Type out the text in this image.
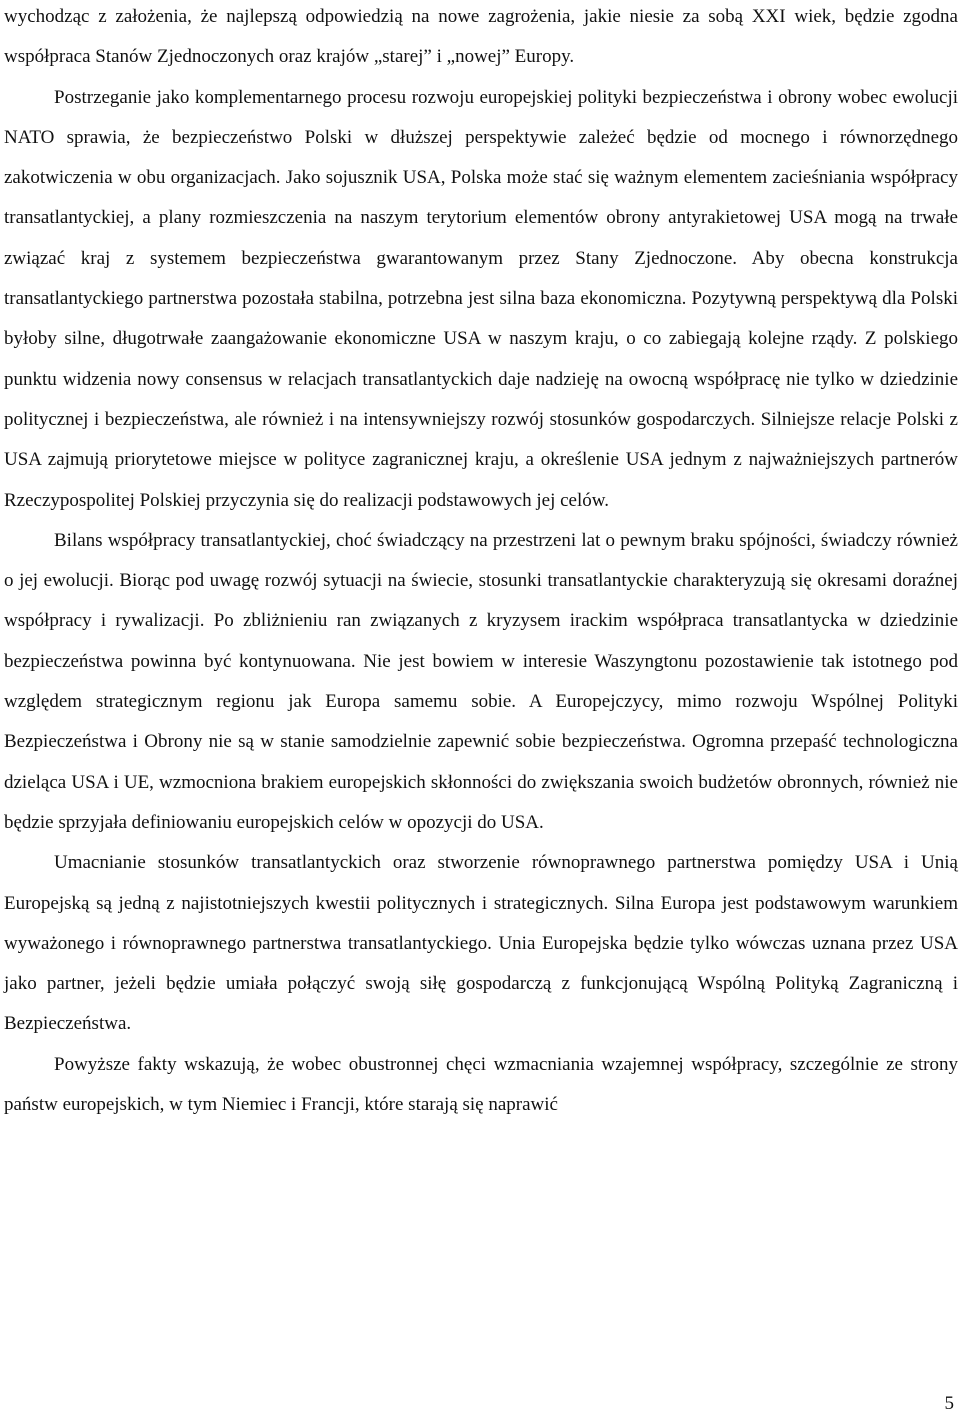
wychodząc z założenia, że najlepszą odpowiedzią na nowe zagrożenia, jakie niesie za sobą XXI wiek, będzie zgodna współpraca Stanów Zjednoczonych oraz krajów „starej” i „nowej” Europy.

Postrzeganie jako komplementarnego procesu rozwoju europejskiej polityki bezpieczeństwa i obrony wobec ewolucji NATO sprawia, że bezpieczeństwo Polski w dłuższej perspektywie zależeć będzie od mocnego i równorzędnego zakotwiczenia w obu organizacjach. Jako sojusznik USA, Polska może stać się ważnym elementem zacieśniania współpracy transatlantyckiej, a plany rozmieszczenia na naszym terytorium elementów obrony antyrakietowej USA mogą na trwałe związać kraj z systemem bezpieczeństwa gwarantowanym przez Stany Zjednoczone. Aby obecna konstrukcja transatlantyckiego partnerstwa pozostała stabilna, potrzebna jest silna baza ekonomiczna. Pozytywną perspektywą dla Polski byłoby silne, długotrwałe zaangażowanie ekonomiczne USA w naszym kraju, o co zabiegają kolejne rządy. Z polskiego punktu widzenia nowy consensus w relacjach transatlantyckich daje nadzieję na owocną współpracę nie tylko w dziedzinie politycznej i bezpieczeństwa, ale również i na intensywniejszy rozwój stosunków gospodarczych. Silniejsze relacje Polski z USA zajmują priorytetowe miejsce w polityce zagranicznej kraju, a określenie USA jednym z najważniejszych partnerów Rzeczypospolitej Polskiej przyczynia się do realizacji podstawowych jej celów.

Bilans współpracy transatlantyckiej, choć świadczący na przestrzeni lat o pewnym braku spójności, świadczy również o jej ewolucji. Biorąc pod uwagę rozwój sytuacji na świecie, stosunki transatlantyckie charakteryzują się okresami doraźnej współpracy i rywalizacji. Po zbliżnieniu ran związanych z kryzysem irackim współpraca transatlantycka w dziedzinie bezpieczeństwa powinna być kontynuowana. Nie jest bowiem w interesie Waszyngtonu pozostawienie tak istotnego pod względem strategicznym regionu jak Europa samemu sobie. A Europejczycy, mimo rozwoju Wspólnej Polityki Bezpieczeństwa i Obrony nie są w stanie samodzielnie zapewnić sobie bezpieczeństwa. Ogromna przepaść technologiczna dzieląca USA i UE, wzmocniona brakiem europejskich skłonności do zwiększania swoich budżetów obronnych, również nie będzie sprzyjała definiowaniu europejskich celów w opozycji do USA.

Umacnianie stosunków transatlantyckich oraz stworzenie równoprawnego partnerstwa pomiędzy USA i Unią Europejską są jedną z najistotniejszych kwestii politycznych i strategicznych. Silna Europa jest podstawowym warunkiem wyważonego i równoprawnego partnerstwa transatlantyckiego. Unia Europejska będzie tylko wówczas uznana przez USA jako partner, jeżeli będzie umiała połączyć swoją siłę gospodarczą z funkcjonującą Wspólną Polityką Zagraniczną i Bezpieczeństwa.

Powyższe fakty wskazują, że wobec obustronnej chęci wzmacniania wzajemnej współpracy, szczególnie ze strony państw europejskich, w tym Niemiec i Francji, które starają się naprawić

5
